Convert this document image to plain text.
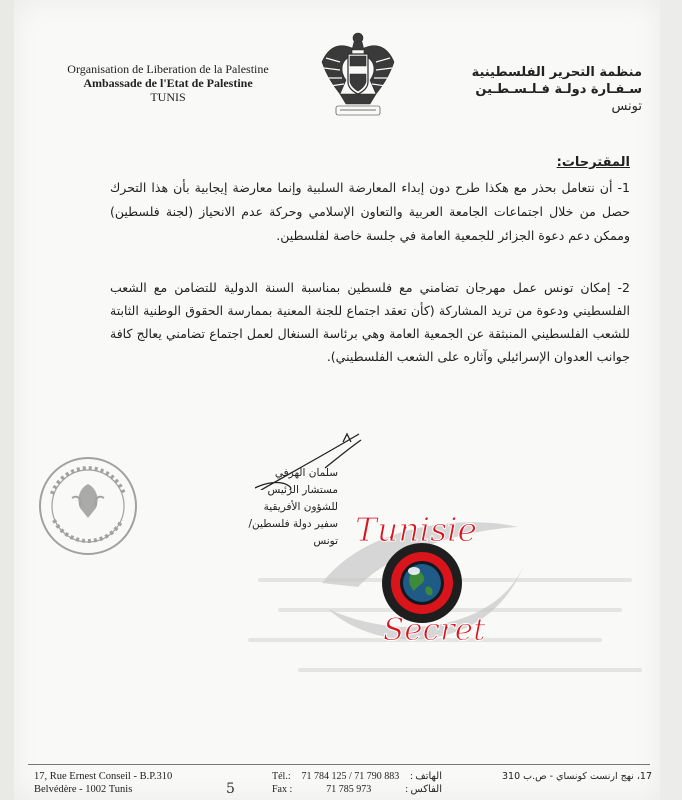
Organisation de Liberation de la Palestine
Ambassade de l'Etat de Palestine
TUNIS
منظمة التحرير الفلسطينية
سـفـارة دولـة فـلـسـطـين
تونس
المقترحات:

1- أن نتعامل بحذر مع هكذا طرح دون إبداء المعارضة السلبية وإنما معارضة إيجابية بأن هذا التحرك حصل من خلال اجتماعات الجامعة العربية والتعاون الإسلامي وحركة عدم الانحياز (لجنة فلسطين) وممكن دعم دعوة الجزائر للجمعية العامة في جلسة خاصة لفلسطين.

2- إمكان تونس عمل مهرجان تضامني مع فلسطين بمناسبة السنة الدولية للتضامن مع الشعب الفلسطيني ودعوة من تريد المشاركة (كأن تعقد اجتماع للجنة المعنية بممارسة الحقوق الوطنية الثابتة للشعب الفلسطيني المنبثقة عن الجمعية العامة وهي برئاسة السنغال لعمل اجتماع تضامني يعالج كافة جوانب العدوان الإسرائيلي وآثاره على الشعب الفلسطيني).

سلمان الهرفي
مستشار الرئيس للشؤون الأفريقية
سفير دولة فلسطين/تونس Tunisie
Secret
17, Rue Ernest Conseil - B.P.310
Belvédère - 1002 Tunis	5
Tél.: 71 784 125 / 71 790 883 : الهاتف
Fax :	71 785 973	: الفاكس
17، نهج ارنست كونساي - ص.ب 310
